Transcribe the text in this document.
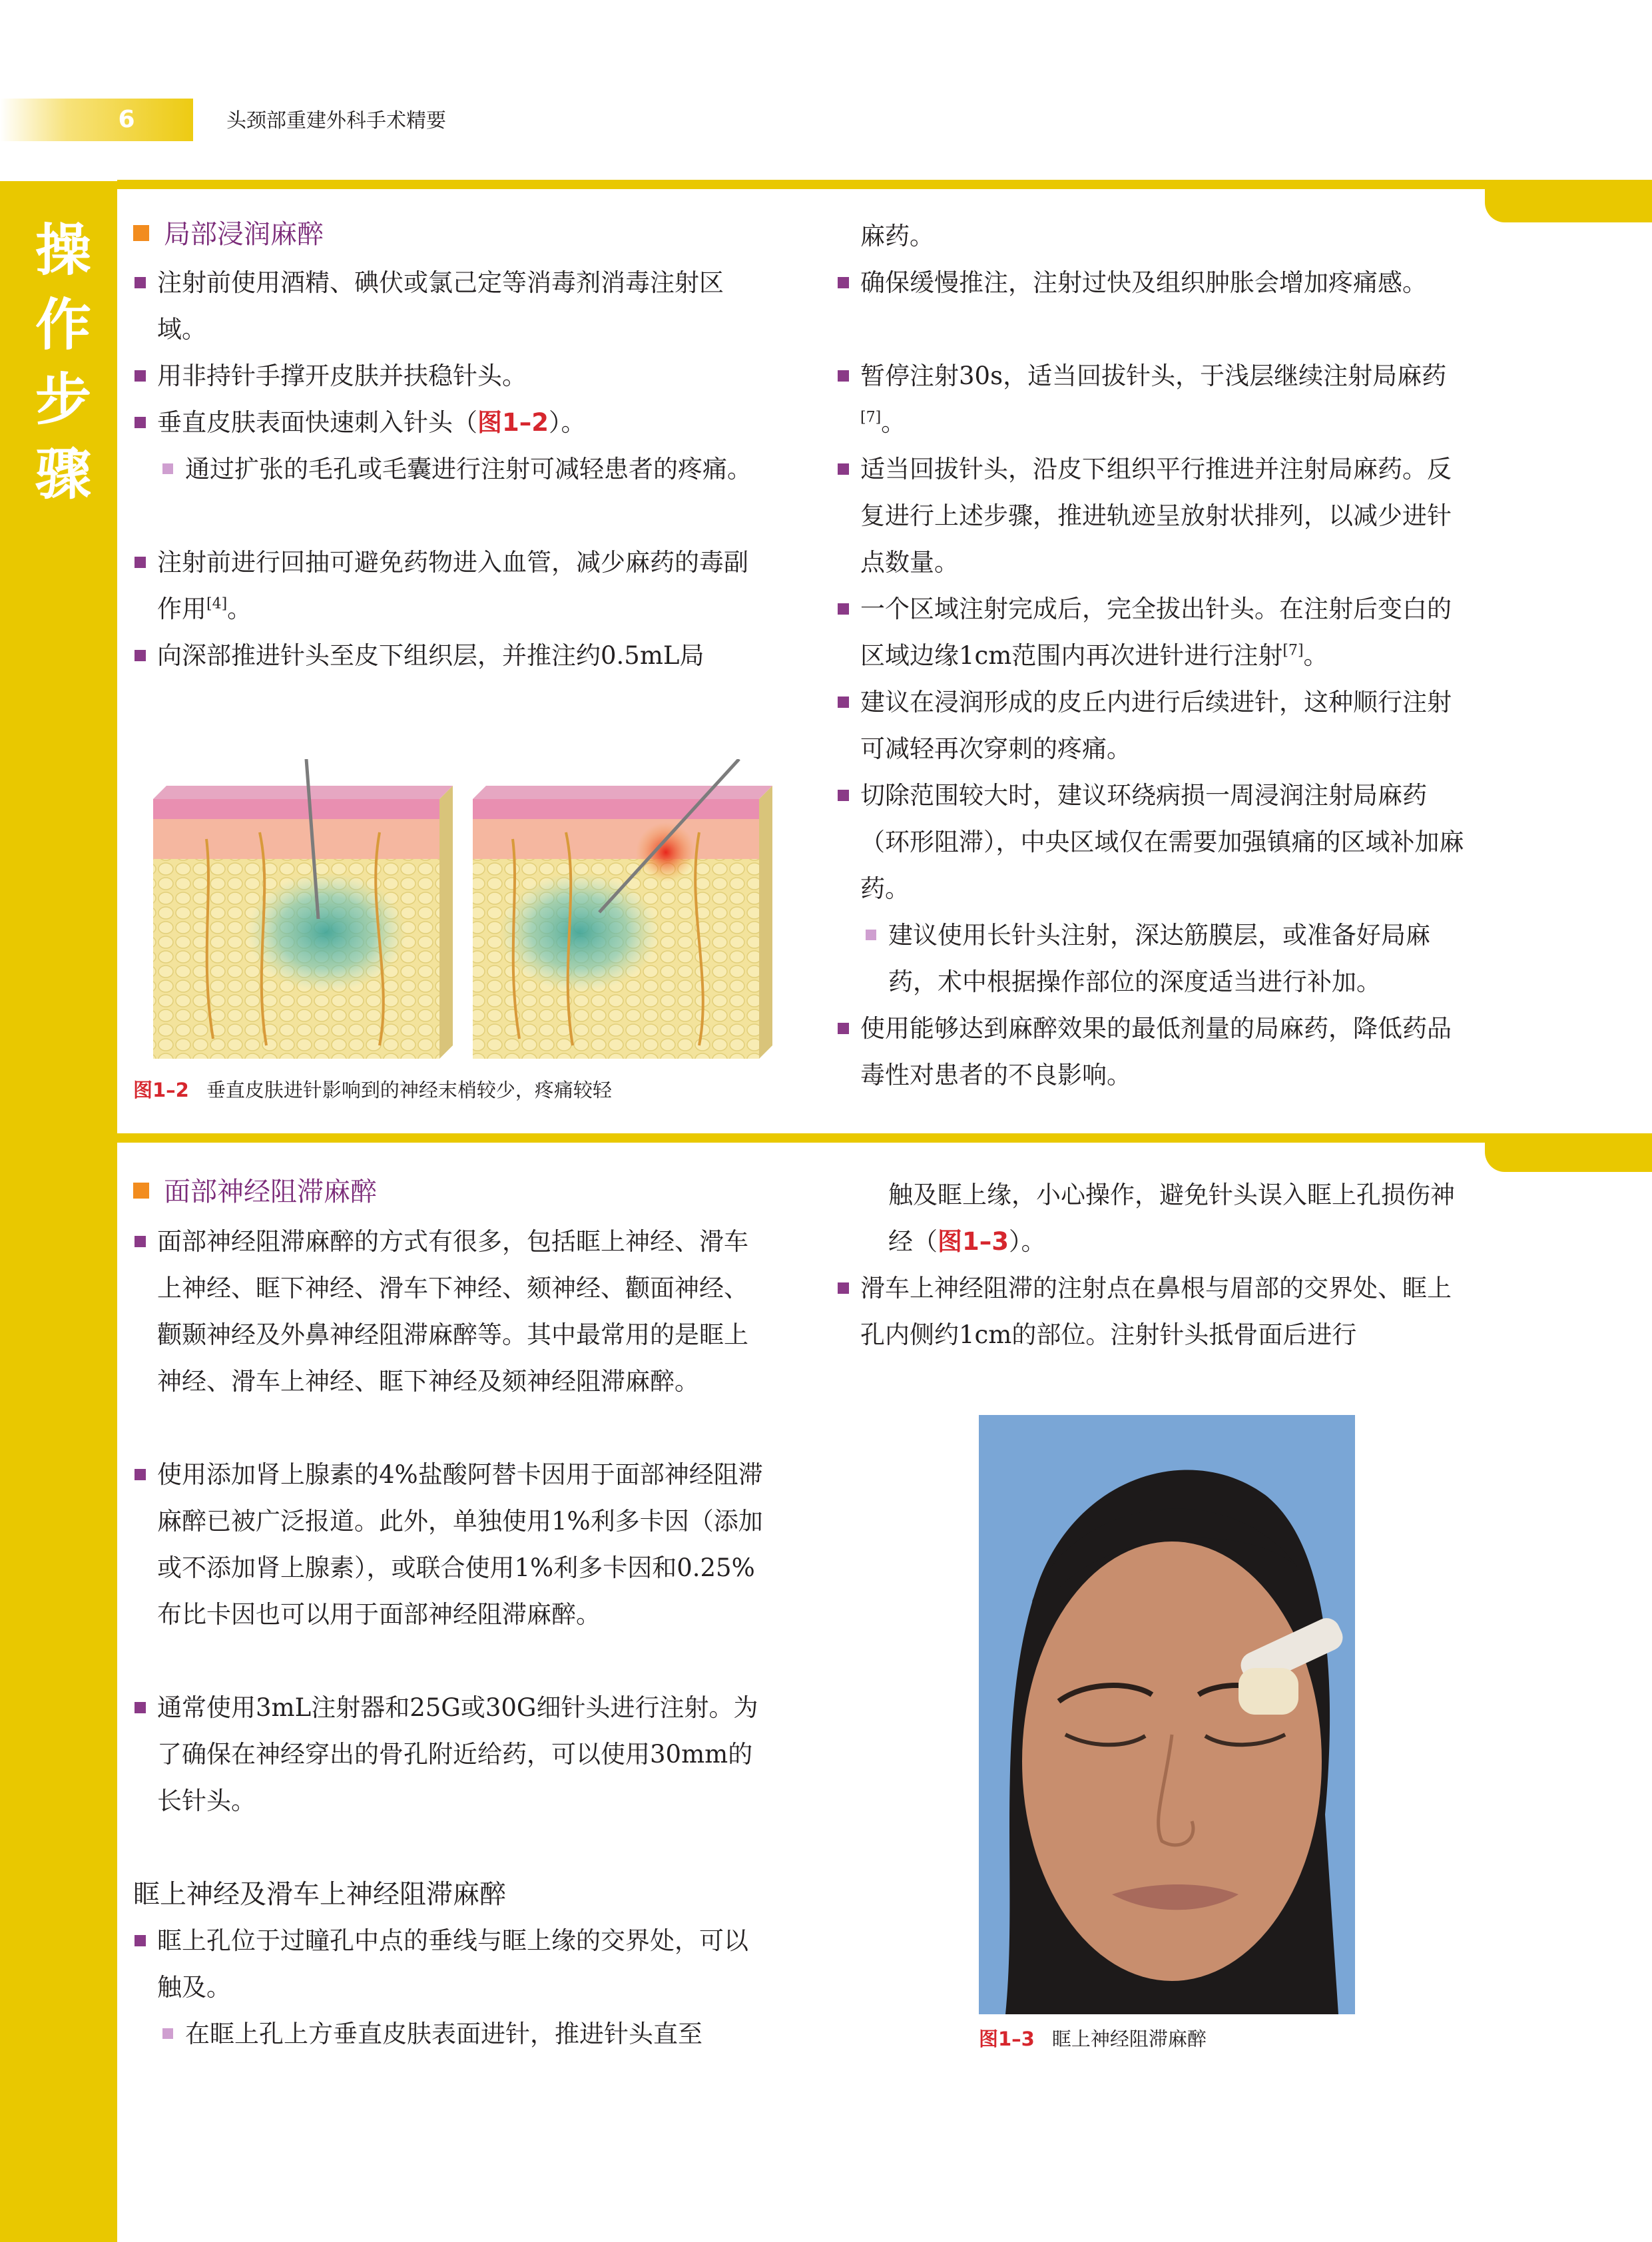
6	头颈部重建外科手术精要
操
作
步
骤
局部浸润麻醉
注射前使用酒精、碘伏或氯己定等消毒剂消毒注射区域。
用非持针手撑开皮肤并扶稳针头。
垂直皮肤表面快速刺入针头（图1–2）。
通过扩张的毛孔或毛囊进行注射可减轻患者的疼痛。
注射前进行回抽可避免药物进入血管，减少麻药的毒副作用[4]。
向深部推进针头至皮下组织层，并推注约0.5mL局
图1–2 垂直皮肤进针影响到的神经末梢较少，疼痛较轻
麻药。
确保缓慢推注，注射过快及组织肿胀会增加疼痛感。
暂停注射30s，适当回拔针头，于浅层继续注射局麻药[7]。
适当回拔针头，沿皮下组织平行推进并注射局麻药。反复进行上述步骤，推进轨迹呈放射状排列，以减少进针点数量。
一个区域注射完成后，完全拔出针头。在注射后变白的区域边缘1cm范围内再次进针进行注射[7]。
建议在浸润形成的皮丘内进行后续进针，这种顺行注射可减轻再次穿刺的疼痛。
切除范围较大时，建议环绕病损一周浸润注射局麻药（环形阻滞），中央区域仅在需要加强镇痛的区域补加麻药。
建议使用长针头注射，深达筋膜层，或准备好局麻药，术中根据操作部位的深度适当进行补加。
使用能够达到麻醉效果的最低剂量的局麻药，降低药品毒性对患者的不良影响。
面部神经阻滞麻醉
面部神经阻滞麻醉的方式有很多，包括眶上神经、滑车上神经、眶下神经、滑车下神经、颏神经、颧面神经、颧颞神经及外鼻神经阻滞麻醉等。其中最常用的是眶上神经、滑车上神经、眶下神经及颏神经阻滞麻醉。
使用添加肾上腺素的4%盐酸阿替卡因用于面部神经阻滞麻醉已被广泛报道。此外，单独使用1%利多卡因（添加或不添加肾上腺素），或联合使用1%利多卡因和0.25%布比卡因也可以用于面部神经阻滞麻醉。
通常使用3mL注射器和25G或30G细针头进行注射。为了确保在神经穿出的骨孔附近给药，可以使用30mm的长针头。
眶上神经及滑车上神经阻滞麻醉
眶上孔位于过瞳孔中点的垂线与眶上缘的交界处，可以触及。
在眶上孔上方垂直皮肤表面进针，推进针头直至
触及眶上缘，小心操作，避免针头误入眶上孔损伤神经（图1–3）。
滑车上神经阻滞的注射点在鼻根与眉部的交界处、眶上孔内侧约1cm的部位。注射针头抵骨面后进行
图1–3 眶上神经阻滞麻醉
